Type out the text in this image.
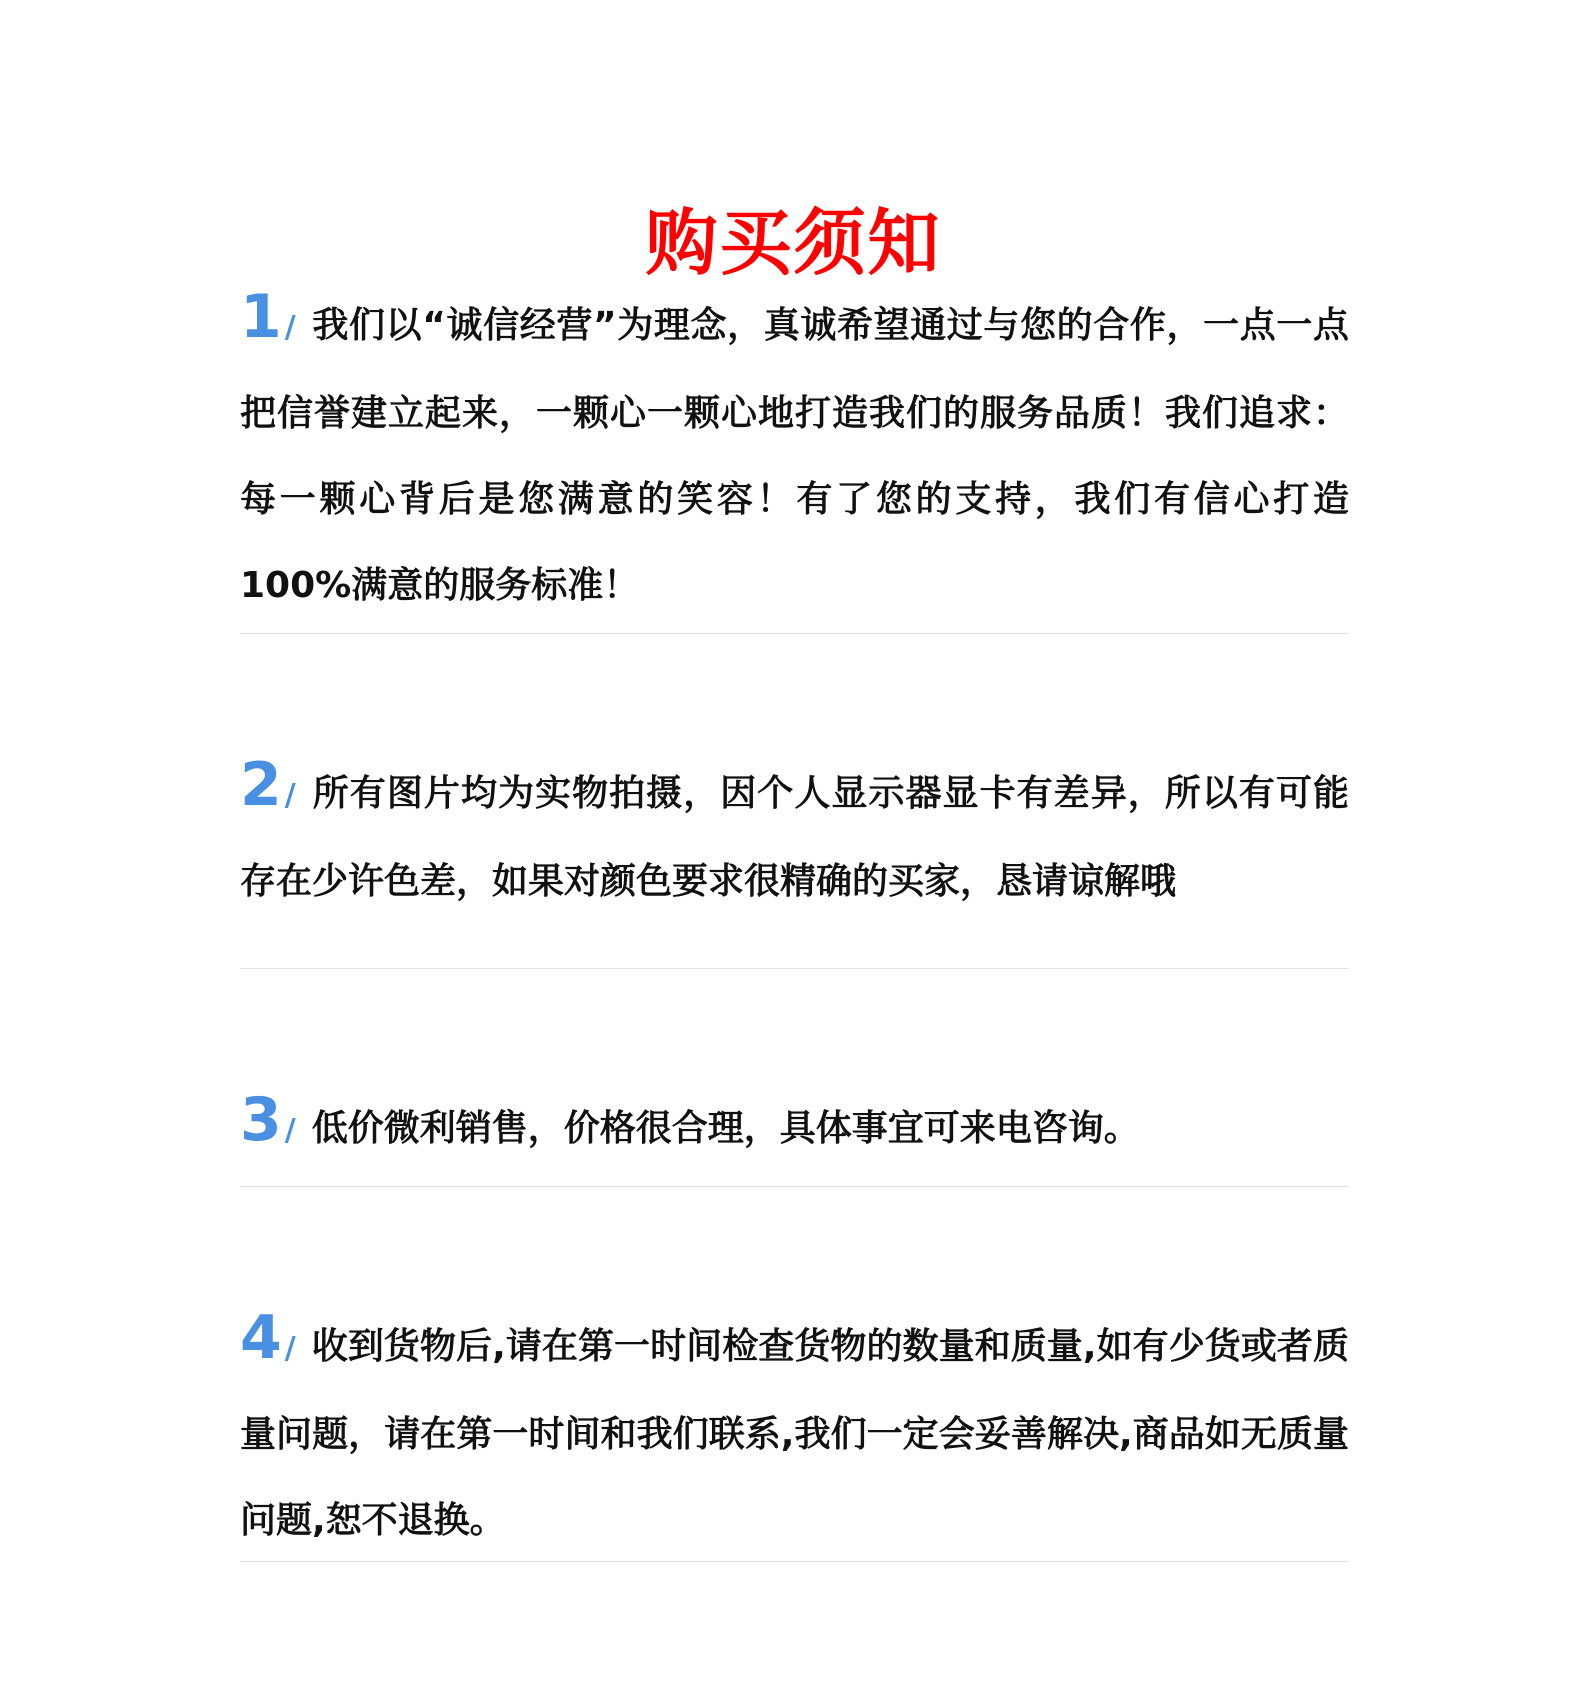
购买须知

1 / 我们以“诚信经营”为理念，真诚希望通过与您的合作，一点一点把信誉建立起来，一颗心一颗心地打造我们的服务品质！我们追求：每一颗心背后是您满意的笑容！有了您的支持，我们有信心打造100%满意的服务标准！

2 / 所有图片均为实物拍摄，因个人显示器显卡有差异，所以有可能存在少许色差，如果对颜色要求很精确的买家，恳请谅解哦

3 / 低价微利销售，价格很合理，具体事宜可来电咨询。

4 / 收到货物后,请在第一时间检查货物的数量和质量,如有少货或者质量问题，请在第一时间和我们联系,我们一定会妥善解决,商品如无质量问题,恕不退换。
